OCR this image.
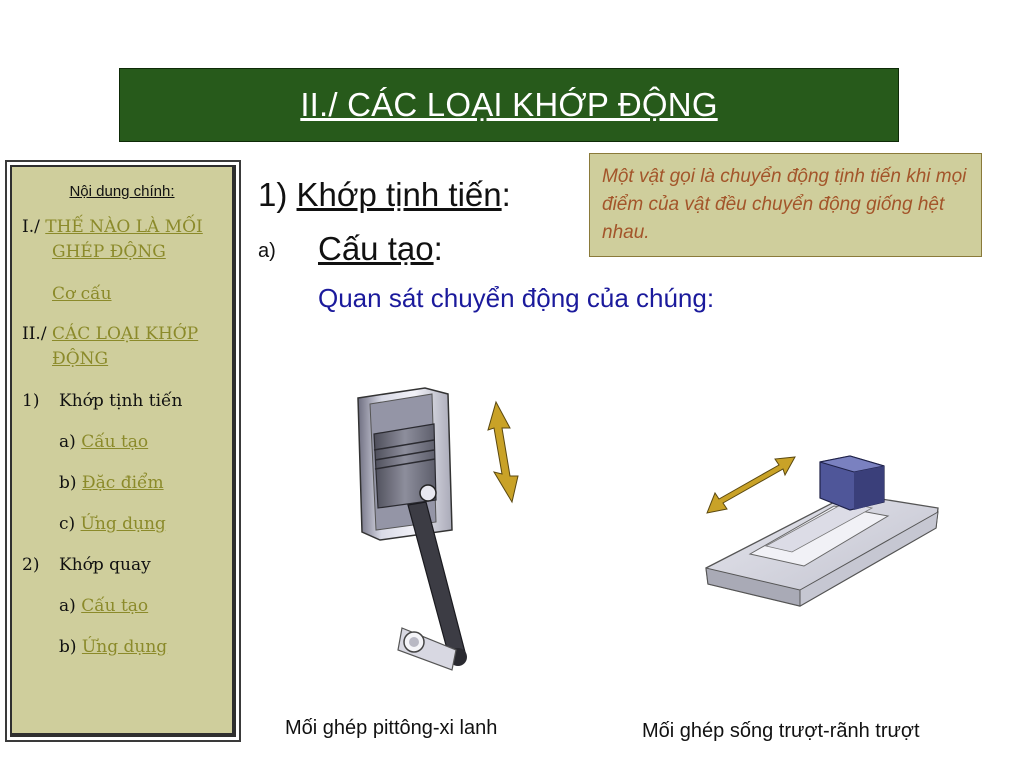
II./ CÁC LOẠI KHỚP ĐỘNG
Nội dung chính:
I./ THẾ NÀO LÀ MỐI
GHÉP ĐỘNG
Cơ cấu
II./ CÁC LOẠI KHỚP
ĐỘNG
1) Khớp tịnh tiến
a) Cấu tạo
b) Đặc điểm
c) Ứng dụng
2) Khớp quay
a) Cấu tạo
b) Ứng dụng
1) Khớp tịnh tiến:
a) Cấu tạo:
Quan sát chuyển động của chúng:
Một vật gọi là chuyển động tịnh tiến khi mọi điểm của vật đều chuyển động giống hệt nhau.
Mối ghép pittông-xi lanh	Mối ghép sống trượt-rãnh trượt
